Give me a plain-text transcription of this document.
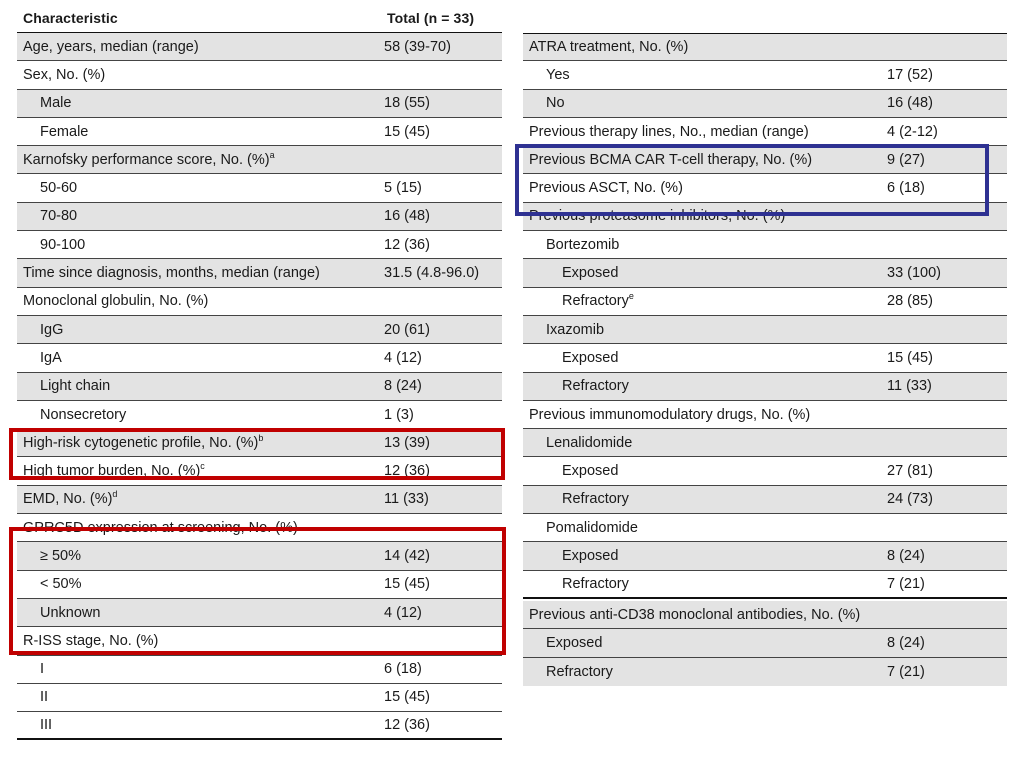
Characteristic	Total (n = 33)
Age, years, median (range)	58 (39-70)
Sex, No. (%)
Male	18 (55)
Female	15 (45)
Karnofsky performance score, No. (%)$^a$
50-60	5 (15)
70-80	16 (48)
90-100	12 (36)
Time since diagnosis, months, median (range)	31.5 (4.8-96.0)
Monoclonal globulin, No. (%)
IgG	20 (61)
IgA	4 (12)
Light chain	8 (24)
Nonsecretory	1 (3)
High-risk cytogenetic profile, No. (%)$^b$	13 (39)
High tumor burden, No. (%)$^c$	12 (36)
EMD, No. (%)$^d$	11 (33)
GPRC5D expression at screening, No. (%)
≥ 50%	14 (42)
< 50%	15 (45)
Unknown	4 (12)
R-ISS stage, No. (%)
I	6 (18)
II	15 (45)
III	12 (36)
ATRA treatment, No. (%)
Yes	17 (52)
No	16 (48)
Previous therapy lines, No., median (range)	4 (2-12)
Previous BCMA CAR T-cell therapy, No. (%)	9 (27)
Previous ASCT, No. (%)	6 (18)
Previous proteasome inhibitors, No. (%)
Bortezomib
Exposed	33 (100)
Refractory$^e$	28 (85)
Ixazomib
Exposed	15 (45)
Refractory	11 (33)
Previous immunomodulatory drugs, No. (%)
Lenalidomide
Exposed	27 (81)
Refractory	24 (73)
Pomalidomide
Exposed	8 (24)
Refractory	7 (21)
Previous anti-CD38 monoclonal antibodies, No. (%)
Exposed	8 (24)
Refractory	7 (21)
